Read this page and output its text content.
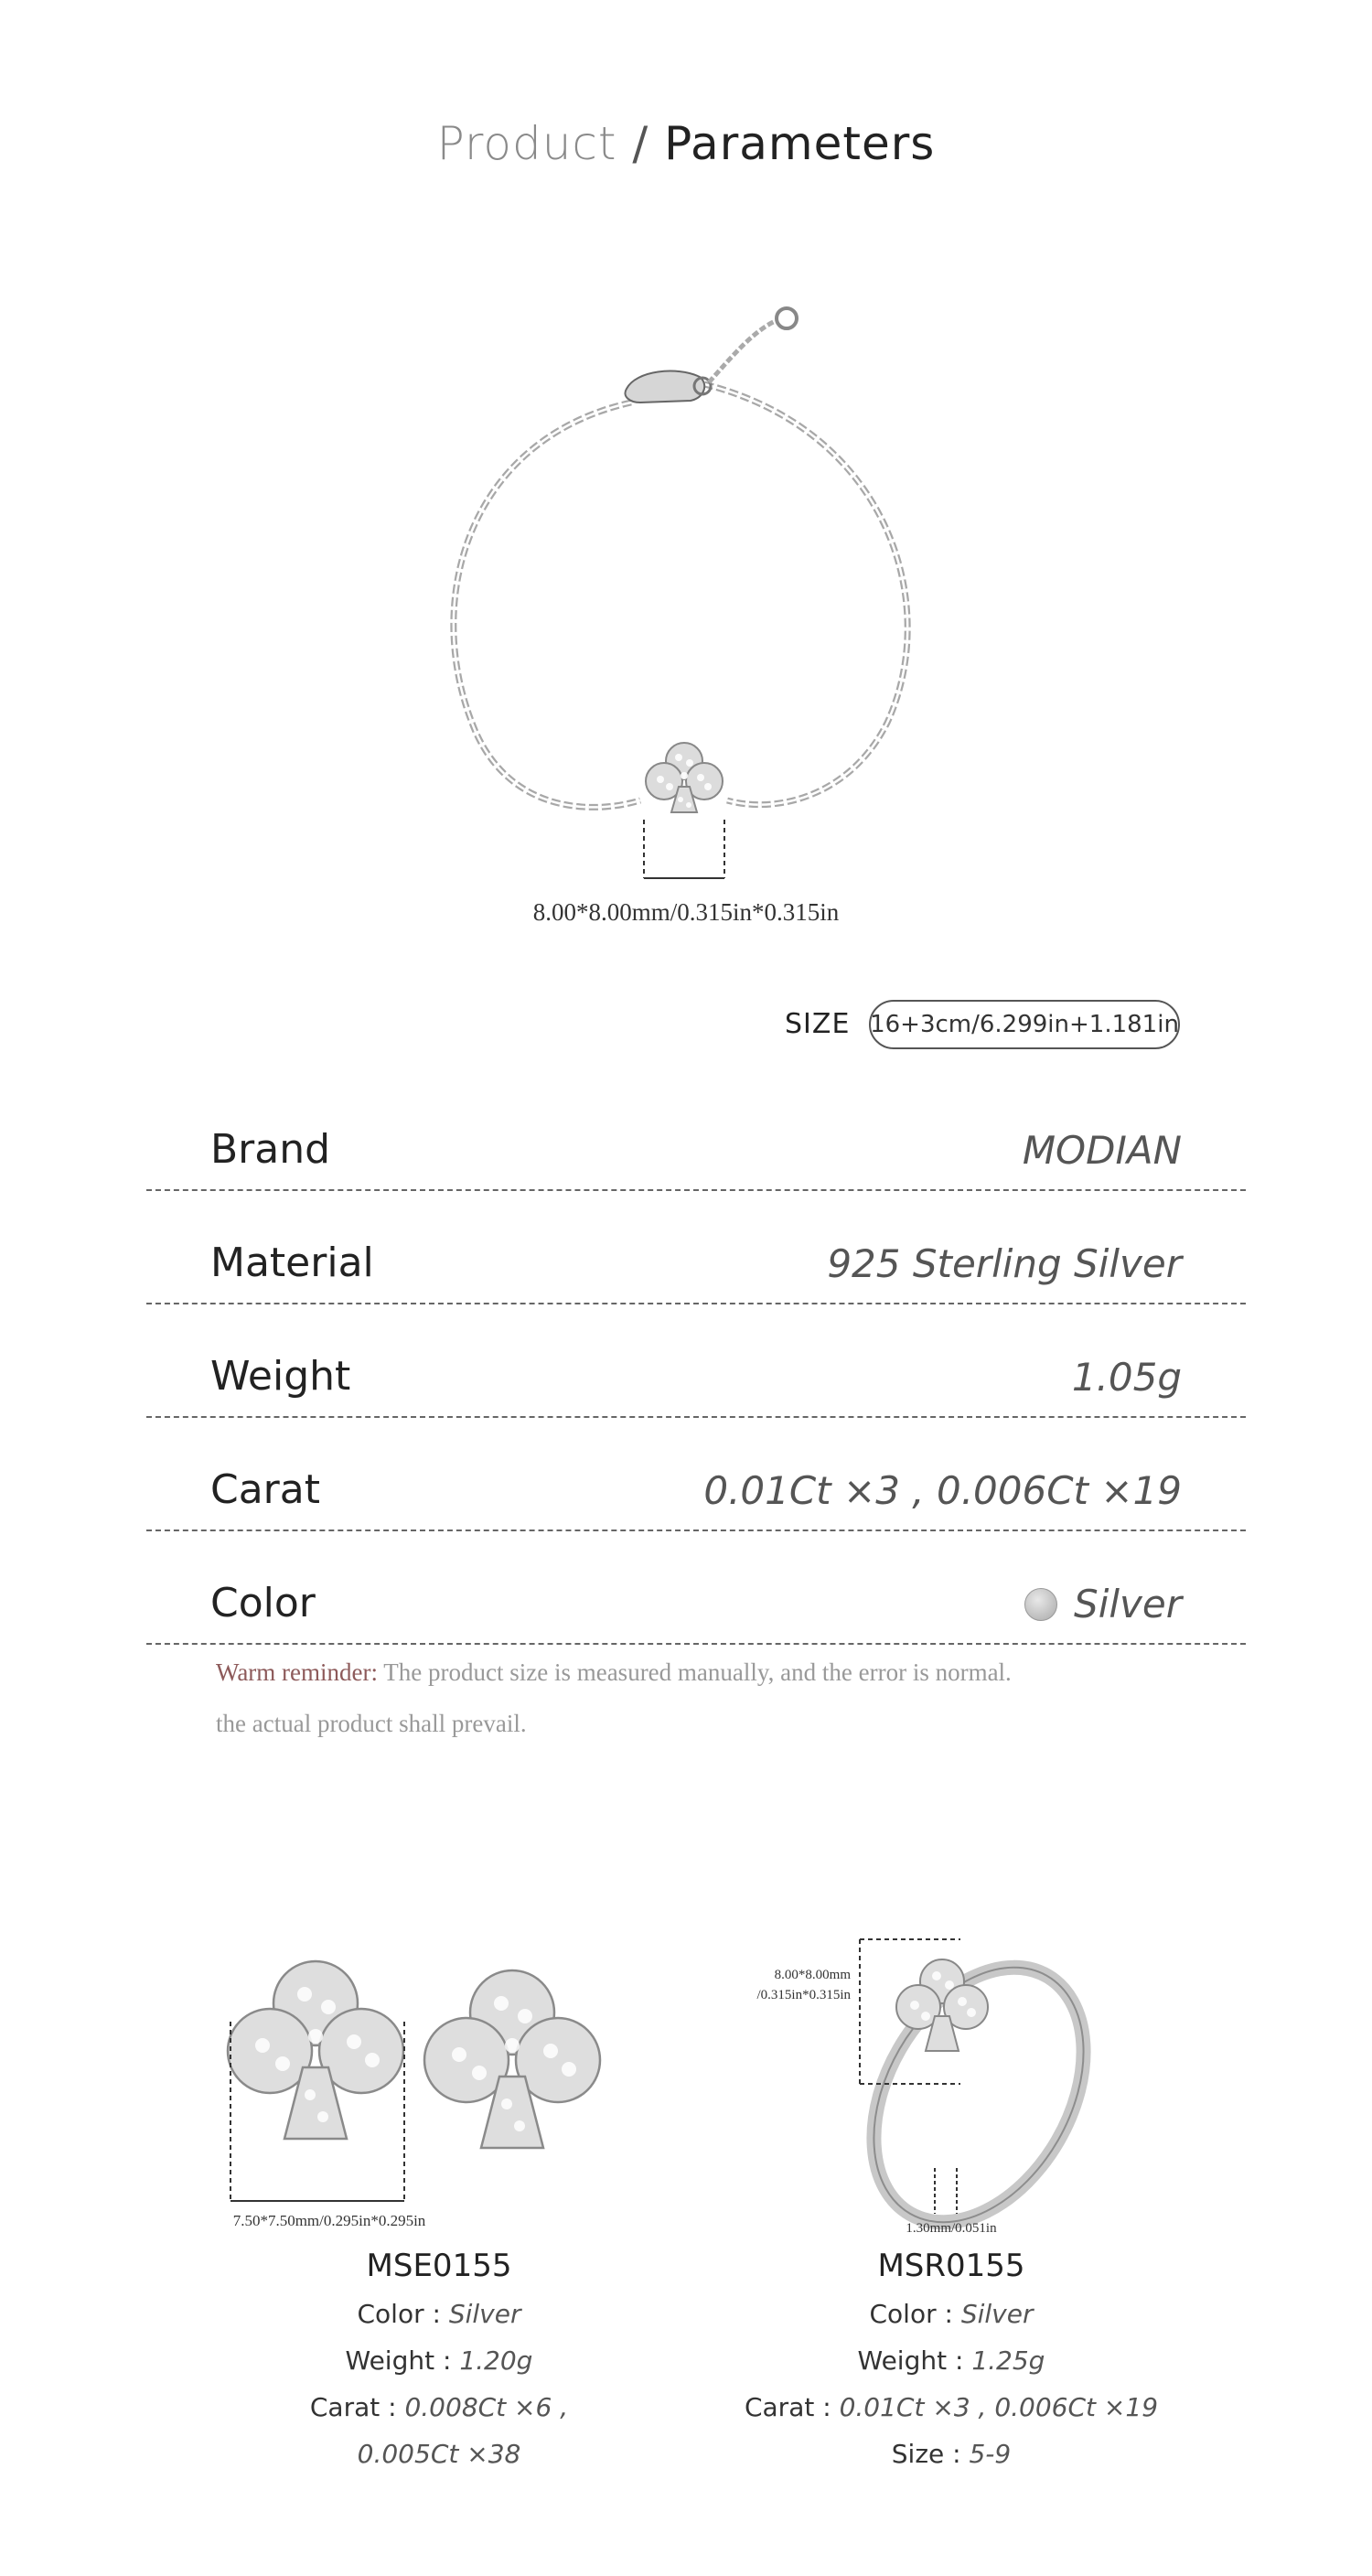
Product / Parameters
8.00*8.00mm/0.315in*0.315in
SIZE 16+3cm/6.299in+1.181in
Brand	MODIAN
Material	925 Sterling Silver
Weight	1.05g
Carat	0.01Ct ×3 , 0.006Ct ×19
Color	Silver
Warm reminder: The product size is measured manually, and the error is normal.
the actual product shall prevail.
7.50*7.50mm/0.295in*0.295in
8.00*8.00mm
/0.315in*0.315in
1.30mm/0.051in
MSE0155
Color : Silver
Weight : 1.20g
Carat : 0.008Ct ×6 ,
0.005Ct ×38
MSR0155
Color : Silver
Weight : 1.25g
Carat : 0.01Ct ×3 , 0.006Ct ×19
Size : 5-9
